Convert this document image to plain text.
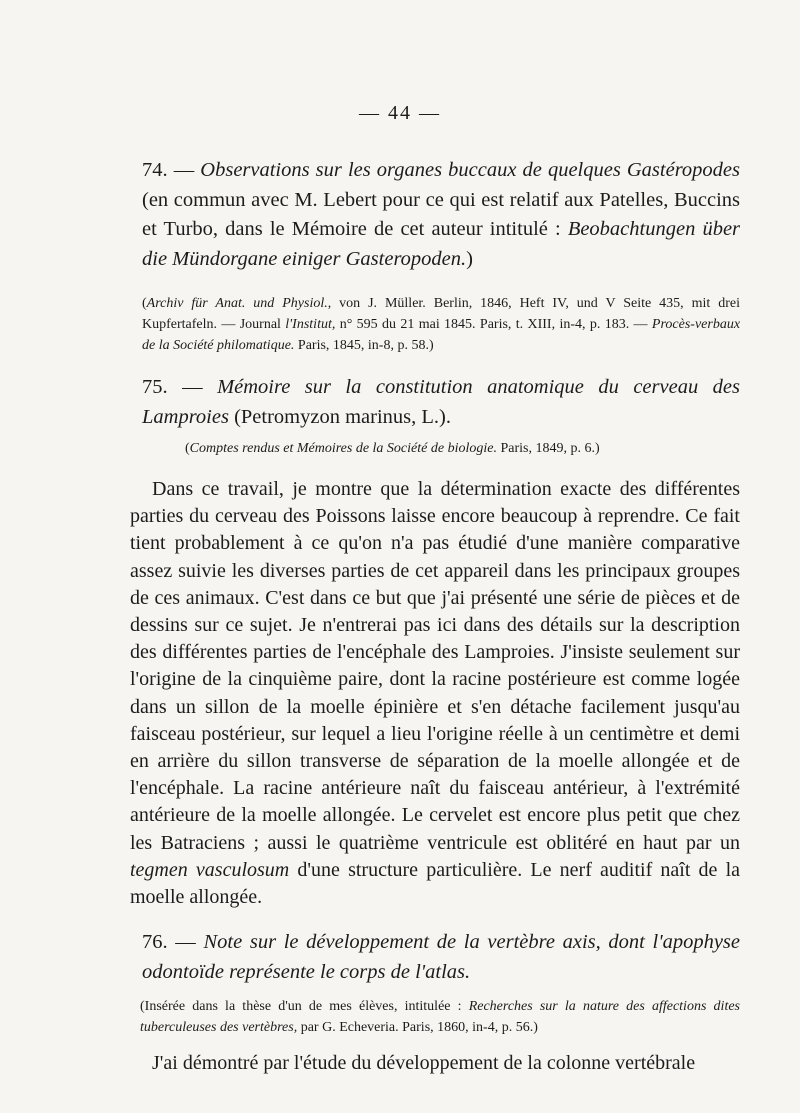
— 44 —
74. — Observations sur les organes buccaux de quelques Gastéropodes (en commun avec M. Lebert pour ce qui est relatif aux Patelles, Buccins et Turbo, dans le Mémoire de cet auteur intitulé : Beobachtungen über die Mündorgane einiger Gasteropoden.)
(Archiv für Anat. und Physiol., von J. Müller. Berlin, 1846, Heft IV, und V Seite 435, mit drei Kupfertafeln. — Journal l'Institut, n° 595 du 21 mai 1845. Paris, t. XIII, in-4, p. 183. — Procès-verbaux de la Société philomatique. Paris, 1845, in-8, p. 58.)
75. — Mémoire sur la constitution anatomique du cerveau des Lamproies (Petromyzon marinus, L.).
(Comptes rendus et Mémoires de la Société de biologie. Paris, 1849, p. 6.)
Dans ce travail, je montre que la détermination exacte des différentes parties du cerveau des Poissons laisse encore beaucoup à reprendre. Ce fait tient probablement à ce qu'on n'a pas étudié d'une manière comparative assez suivie les diverses parties de cet appareil dans les principaux groupes de ces animaux. C'est dans ce but que j'ai présenté une série de pièces et de dessins sur ce sujet. Je n'entrerai pas ici dans des détails sur la description des différentes parties de l'encéphale des Lamproies. J'insiste seulement sur l'origine de la cinquième paire, dont la racine postérieure est comme logée dans un sillon de la moelle épinière et s'en détache facilement jusqu'au faisceau postérieur, sur lequel a lieu l'origine réelle à un centimètre et demi en arrière du sillon transverse de séparation de la moelle allongée et de l'encéphale. La racine antérieure naît du faisceau antérieur, à l'extrémité antérieure de la moelle allongée. Le cervelet est encore plus petit que chez les Batraciens ; aussi le quatrième ventricule est oblitéré en haut par un tegmen vasculosum d'une structure particulière. Le nerf auditif naît de la moelle allongée.
76. — Note sur le développement de la vertèbre axis, dont l'apophyse odontoïde représente le corps de l'atlas.
(Insérée dans la thèse d'un de mes élèves, intitulée : Recherches sur la nature des affections dites tuberculeuses des vertèbres, par G. Echeveria. Paris, 1860, in-4, p. 56.)
J'ai démontré par l'étude du développement de la colonne vertébrale
